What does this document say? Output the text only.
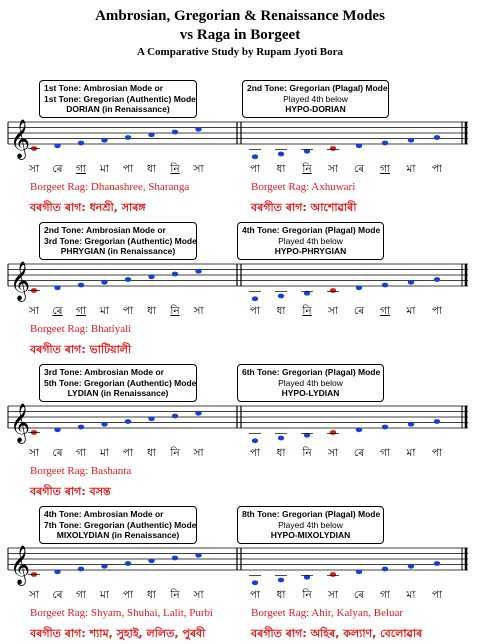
Ambrosian, Gregorian & Renaissance Modes
vs Raga in Borgeet
A Comparative Study by Rupam Jyoti Bora
𝄞
1st Tone: Ambrosian Mode or
1st Tone: Gregorian (Authentic) Mode
DORIAN (in Renaissance)
2nd Tone: Gregorian (Plagal) Mode
Played 4th below
HYPO-DORIAN
সা ৰে গা মা পা ধা নি সা	পা ধা নি সা ৰে গা মা পা
Borgeet Rag: Dhanashree, Sharanga
বৰগীত ৰাগ: ধনশ্ৰী, সাৰঙ্গ
Borgeet Rag: Axhuwari
বৰগীত ৰাগ: আশোৱাৰী
𝄞
2nd Tone: Ambrosian Mode or
3rd Tone: Gregorian (Authentic) Mode
PHRYGIAN (in Renaissance)
4th Tone: Gregorian (Plagal) Mode
Played 4th below
HYPO-PHRYGIAN
সা ৰে গা মা পা ধা নি সা	পা ধা নি সা ৰে গা মা পা
Borgeet Rag: Bhatiyali
বৰগীত ৰাগ: ভাটিয়ালী
𝄞
3rd Tone: Ambrosian Mode or
5th Tone: Gregorian (Authentic) Mode
LYDIAN (in Renaissance)
6th Tone: Gregorian (Plagal) Mode
Played 4th below
HYPO-LYDIAN
সা ৰে গা মা পা ধা নি সা	পা ধা নি সা ৰে গা মা পা
Borgeet Rag: Bashanta
বৰগীত ৰাগ: বসন্ত
𝄞
4th Tone: Ambrosian Mode or
7th Tone: Gregorian (Authentic) Mode
MIXOLYDIAN (in Renaissance)
8th Tone: Gregorian (Plagal) Mode
Played 4th below
HYPO-MIXOLYDIAN
সা ৰে গা মা পা ধা নি সা	পা ধা নি সা ৰে গা মা পা
Borgeet Rag: Shyam, Shuhai, Lalit, Purbi
বৰগীত ৰাগ: শ্যাম, সুহাই, ললিত, পুৰবী
Borgeet Rag: Ahir, Kalyan, Beluar
বৰগীত ৰাগ: অহিৰ, কল্যাণ, বেলোৱাৰ
